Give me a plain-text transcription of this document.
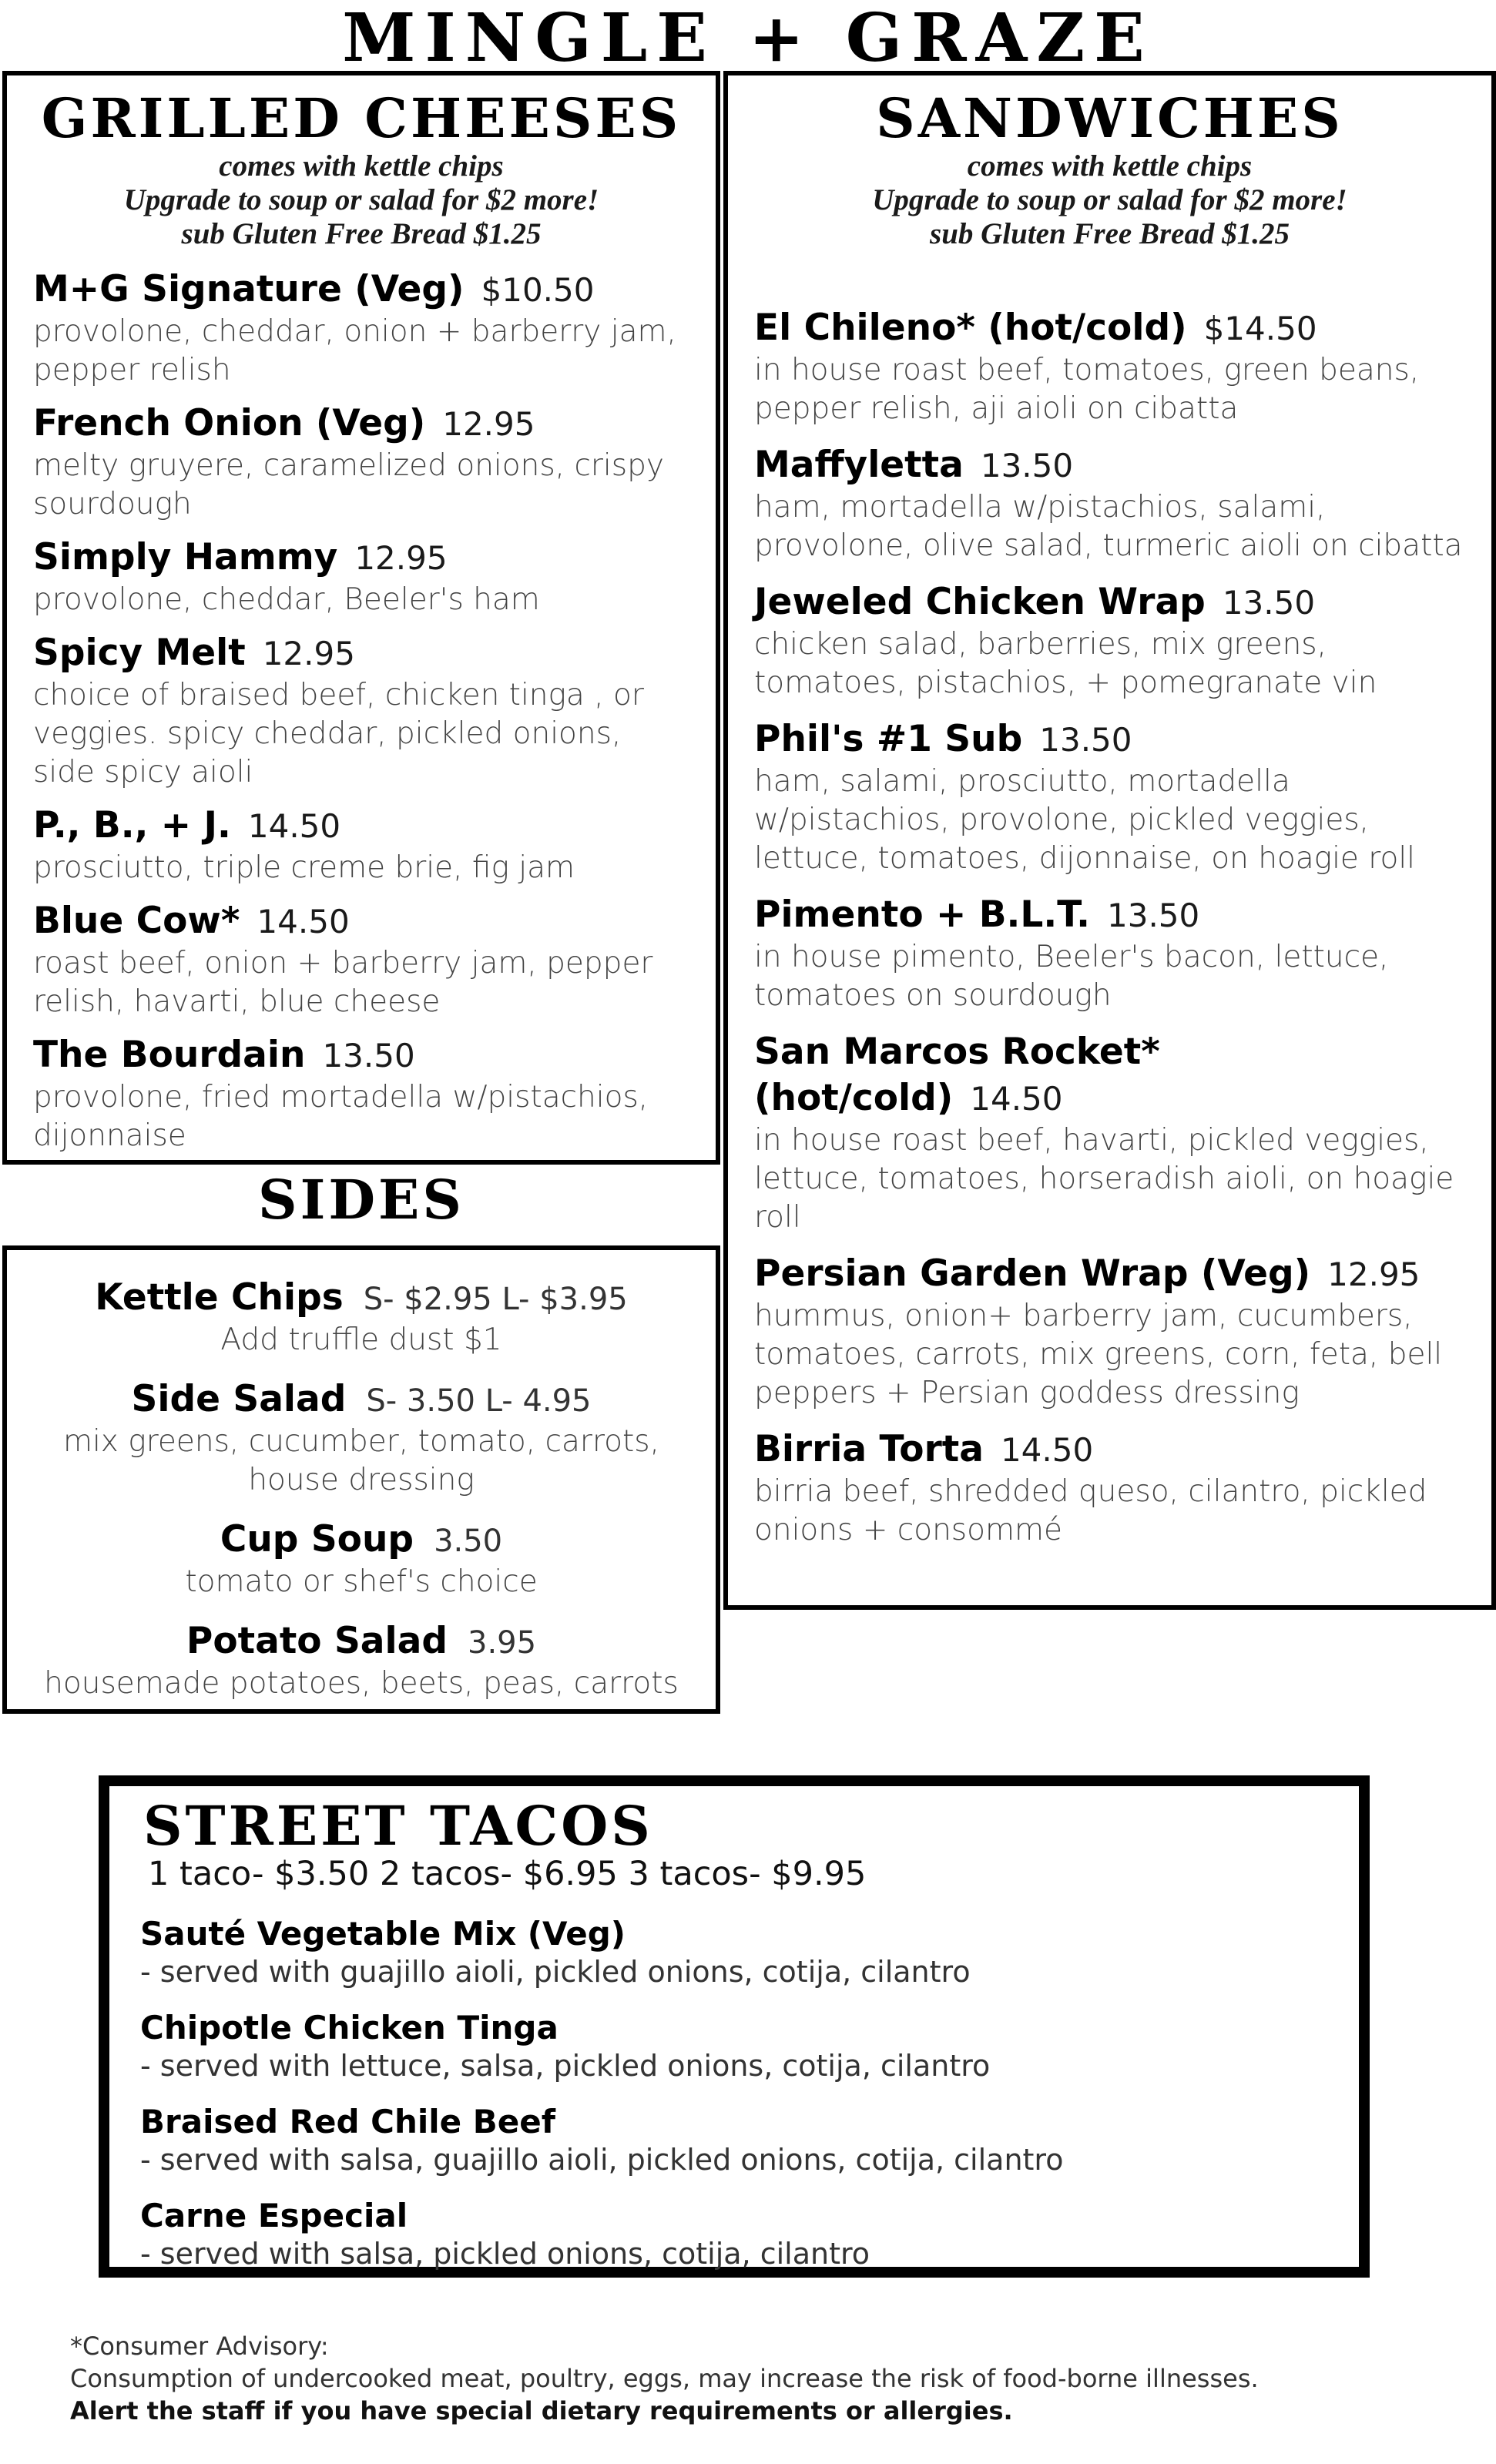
MINGLE + GRAZE
GRILLED CHEESES
comes with kettle chips
Upgrade to soup or salad for $2 more!
sub Gluten Free Bread $1.25
M+G Signature (Veg) $10.50
provolone, cheddar, onion + barberry jam, pepper relish
French Onion (Veg) 12.95
melty gruyere, caramelized onions, crispy sourdough
Simply Hammy 12.95
provolone, cheddar, Beeler's ham
Spicy Melt 12.95
choice of braised beef, chicken tinga , or veggies. spicy cheddar, pickled onions, side spicy aioli
P., B., + J. 14.50
prosciutto, triple creme brie, fig jam
Blue Cow* 14.50
roast beef, onion + barberry jam, pepper relish, havarti, blue cheese
The Bourdain 13.50
provolone, fried mortadella w/pistachios, dijonnaise
SANDWICHES
comes with kettle chips
Upgrade to soup or salad for $2 more!
sub Gluten Free Bread $1.25
El Chileno* (hot/cold) $14.50
in house roast beef, tomatoes, green beans, pepper relish, aji aioli on cibatta
Maffyletta 13.50
ham, mortadella w/pistachios, salami, provolone, olive salad, turmeric aioli on cibatta
Jeweled Chicken Wrap 13.50
chicken salad, barberries, mix greens, tomatoes, pistachios, + pomegranate vin
Phil's #1 Sub 13.50
ham, salami, prosciutto, mortadella w/pistachios, provolone, pickled veggies, lettuce, tomatoes, dijonnaise, on hoagie roll
Pimento + B.L.T. 13.50
in house pimento, Beeler's bacon, lettuce, tomatoes on sourdough
San Marcos Rocket*(hot/cold) 14.50
in house roast beef, havarti, pickled veggies, lettuce, tomatoes, horseradish aioli, on hoagie roll
Persian Garden Wrap (Veg) 12.95
hummus, onion+ barberry jam, cucumbers, tomatoes, carrots, mix greens, corn, feta, bell peppers + Persian goddess dressing
Birria Torta 14.50
birria beef, shredded queso, cilantro, pickled onions + consommé
SIDES
Kettle Chips S- $2.95 L- $3.95
Add truffle dust $1
Side Salad S- 3.50 L- 4.95
mix greens, cucumber, tomato, carrots, house dressing
Cup Soup 3.50
tomato or shef's choice
Potato Salad 3.95
housemade potatoes, beets, peas, carrots
STREET TACOS
1 taco- $3.50 2 tacos- $6.95 3 tacos- $9.95
Sauté Vegetable Mix (Veg)
- served with guajillo aioli, pickled onions, cotija, cilantro
Chipotle Chicken Tinga
- served with lettuce, salsa, pickled onions, cotija, cilantro
Braised Red Chile Beef
- served with salsa, guajillo aioli, pickled onions, cotija, cilantro
Carne Especial
- served with salsa, pickled onions, cotija, cilantro
*Consumer Advisory:
Consumption of undercooked meat, poultry, eggs, may increase the risk of food-borne illnesses.
Alert the staff if you have special dietary requirements or allergies.
